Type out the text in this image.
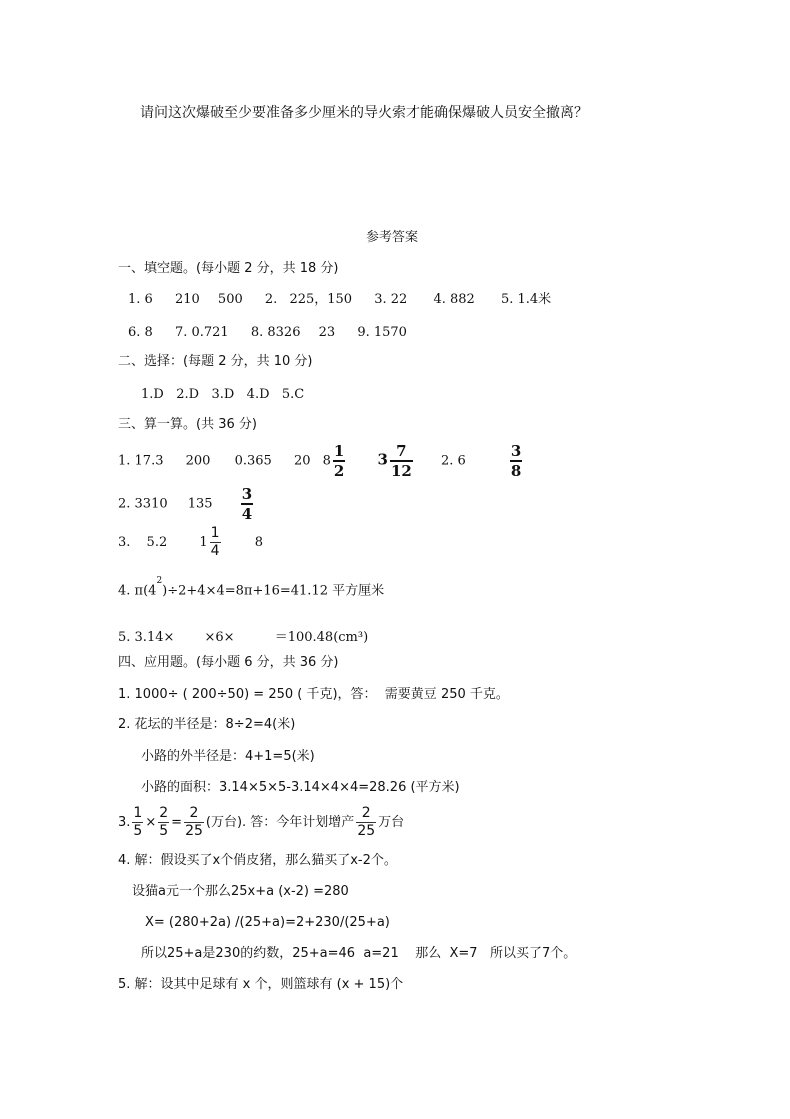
请问这次爆破至少要准备多少厘米的导火索才能确保爆破人员安全撤离？
参考答案
一、填空题。(每小题 2 分，共 18 分)
1. 6 210 500 2. 225，150 3. 22 4. 882 5. 1.4米
6. 8 7. 0.721 8. 8326 23 9. 1570
二、选择：(每题 2 分，共 10 分)
1.D   2.D   3.D   4.D   5.C
三、算一算。(共 36 分)
1. 17.3 200 0.365 20 $8 \frac{1}{2} 3 \frac{7}{12} 2$. 6	$\frac{3}{8}$
2. 3310 $135 \frac{3}{4}$
3. 5.2 $1 \frac{1}{4}$	8
4. $\pi(4^2)\div 2+4\times 4=8\pi+16=41.12$ 平方厘米
5. 3.14× ×6×	＝100.48(cm³)
四、应用题。(每小题 6 分，共 36 分)
1. 1000÷ ( 200÷50) = 250 ( 千克)，答：  需要黄豆 250 千克。
2. 花坛的半径是：8÷2=4(米)
小路的外半径是：4+1=5(米)
小路的面积：3.14×5×5-3.14×4×4=28.26 (平方米)
3. $\frac{1}{5} \times \frac{2}{5} = \frac{2}{25}$ (万台). 答：今年计划增产 $\frac{2}{25}$ 万台
4. 解：假设买了x个俏皮猪，那么猫买了x-2个。
设猫a元一个那么25x+a (x-2) =280
X= (280+2a) /(25+a)=2+230/(25+a)
所以25+a是230的约数，25+a=46  a=21    那么  X=7   所以买了7个。
5. 解：设其中足球有 x 个，则篮球有 (x + 15)个
